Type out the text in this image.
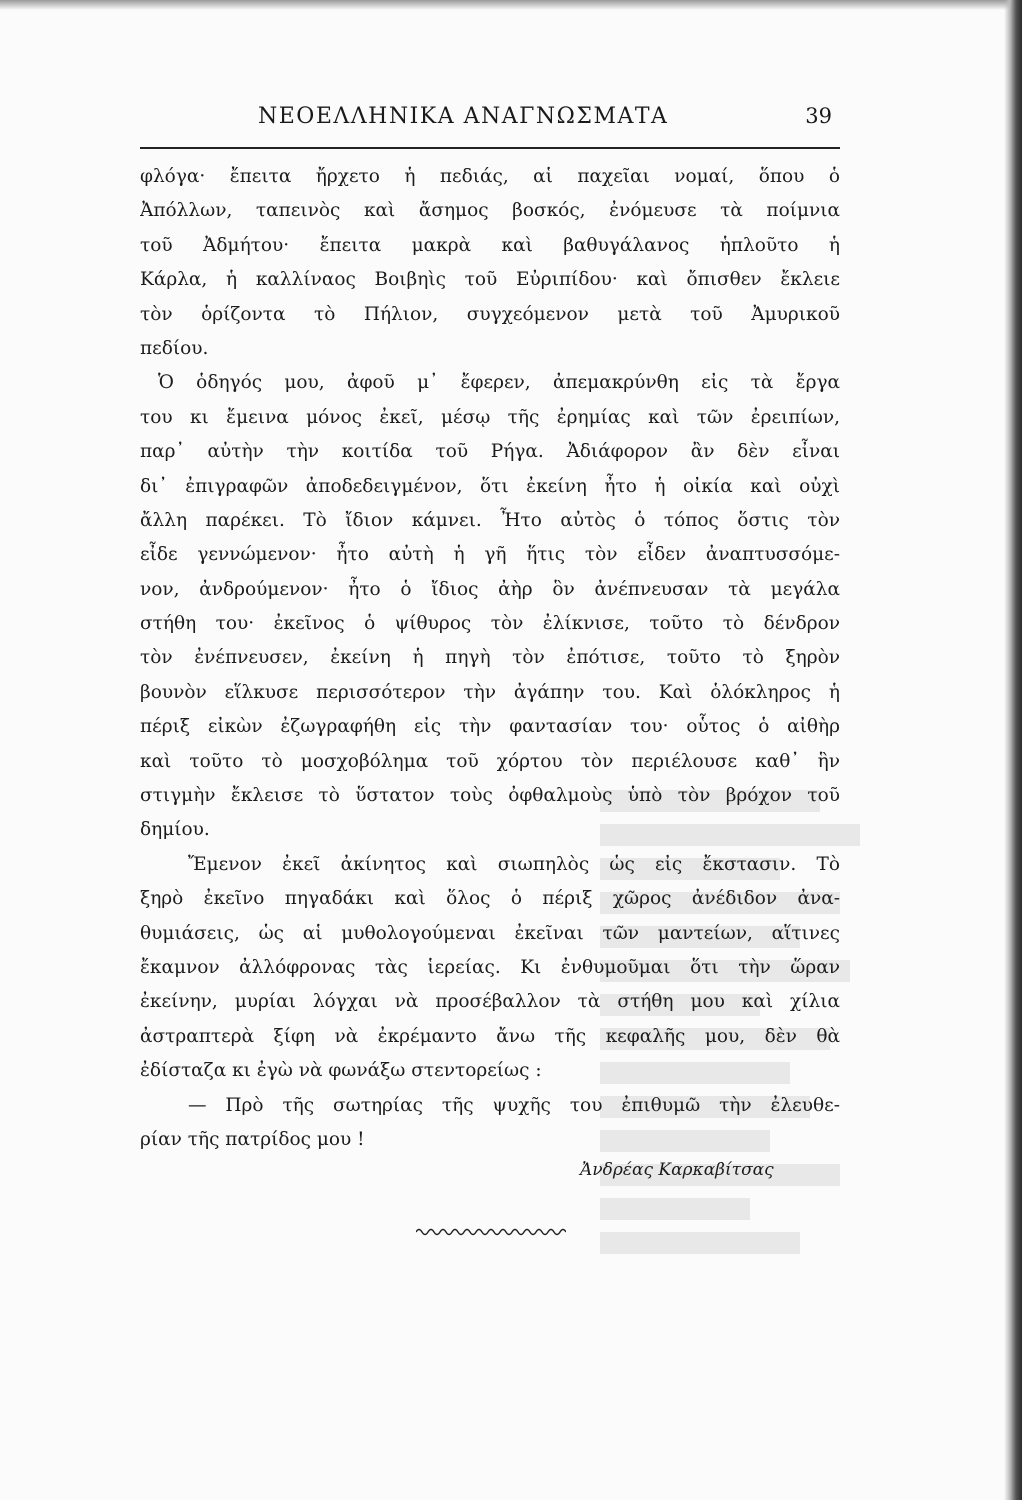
ΝΕΟΕΛΛΗΝΙΚΑ ΑΝΑΓΝΩΣΜΑΤΑ	39
φλόγα· ἔπειτα ἤρχετο ἡ πεδιάς, αἱ παχεῖαι νομαί, ὅπου ὁ
Ἀπόλλων, ταπεινὸς καὶ ἄσημος βοσκός, ἐνόμευσε τὰ ποίμνια
τοῦ Ἀδμήτου· ἔπειτα μακρὰ καὶ βαθυγάλανος ἡπλοῦτο ἡ
Κάρλα, ἡ καλλίναος Βοιβηὶς τοῦ Εὐριπίδου· καὶ ὄπισθεν ἔκλειε
τὸν ὁρίζοντα τὸ Πήλιον, συγχεόμενον μετὰ τοῦ Ἀμυρικοῦ
πεδίου.
Ὁ ὁδηγός μου, ἀφοῦ μ᾽ ἔφερεν, ἀπεμακρύνθη εἰς τὰ ἔργα
του κι ἔμεινα μόνος ἐκεῖ, μέσῳ τῆς ἐρημίας καὶ τῶν ἐρειπίων,
παρ᾽ αὐτὴν τὴν κοιτίδα τοῦ Ρήγα. Ἀδιάφορον ἂν δὲν εἶναι
δι᾽ ἐπιγραφῶν ἀποδεδειγμένον, ὅτι ἐκείνη ἦτο ἡ οἰκία καὶ οὐχὶ
ἄλλη παρέκει. Τὸ ἴδιον κάμνει. Ἦτο αὐτὸς ὁ τόπος ὅστις τὸν
εἶδε γεννώμενον· ἦτο αὐτὴ ἡ γῆ ἥτις τὸν εἶδεν ἀναπτυσσόμε-
νον, ἀνδρούμενον· ἦτο ὁ ἴδιος ἀὴρ ὃν ἀνέπνευσαν τὰ μεγάλα
στήθη του· ἐκεῖνος ὁ ψίθυρος τὸν ἐλίκνισε, τοῦτο τὸ δένδρον
τὸν ἐνέπνευσεν, ἐκείνη ἡ πηγὴ τὸν ἐπότισε, τοῦτο τὸ ξηρὸν
βουνὸν εἵλκυσε περισσότερον τὴν ἀγάπην του. Καὶ ὁλόκληρος ἡ
πέριξ εἰκὼν ἐζωγραφήθη εἰς τὴν φαντασίαν του· οὗτος ὁ αἰθὴρ
καὶ τοῦτο τὸ μοσχοβόλημα τοῦ χόρτου τὸν περιέλουσε καθ᾽ ἣν
στιγμὴν ἔκλεισε τὸ ὕστατον τοὺς ὀφθαλμοὺς ὑπὸ τὸν βρόχον τοῦ
δημίου.
Ἔμενον ἐκεῖ ἀκίνητος καὶ σιωπηλὸς ὡς εἰς ἔκστασιν. Τὸ
ξηρὸ ἐκεῖνο πηγαδάκι καὶ ὅλος ὁ πέριξ χῶρος ἀνέδιδον ἀνα-
θυμιάσεις, ὡς αἱ μυθολογούμεναι ἐκεῖναι τῶν μαντείων, αἵτινες
ἔκαμνον ἀλλόφρονας τὰς ἱερείας. Κι ἐνθυμοῦμαι ὅτι τὴν ὥραν
ἐκείνην, μυρίαι λόγχαι νὰ προσέβαλλον τὰ στήθη μου καὶ χίλια
ἀστραπτερὰ ξίφη νὰ ἐκρέμαντο ἄνω τῆς κεφαλῆς μου, δὲν θὰ
ἐδίσταζα κι ἐγὼ νὰ φωνάξω στεντορείως :
— Πρὸ τῆς σωτηρίας τῆς ψυχῆς του ἐπιθυμῶ τὴν ἐλευθε-
ρίαν τῆς πατρίδος μου !
Ἀνδρέας Καρκαβίτσας
